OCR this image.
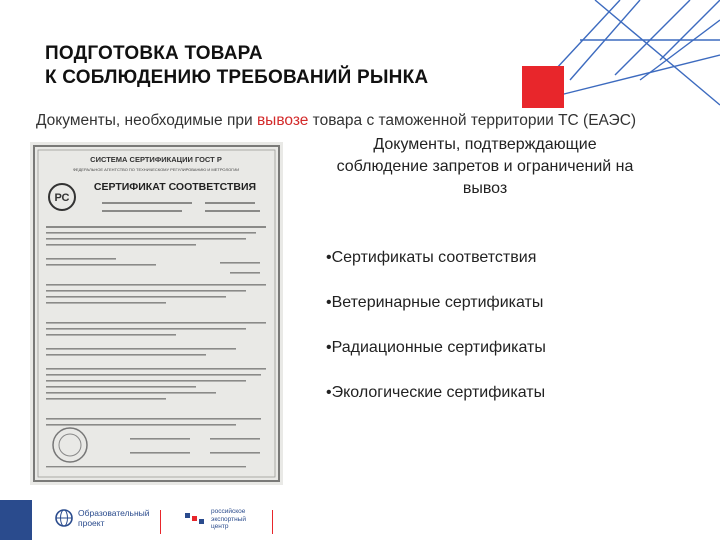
ПОДГОТОВКА ТОВАРА
К СОБЛЮДЕНИЮ ТРЕБОВАНИЙ РЫНКА
Документы, необходимые при вывозе товара с таможенной территории ТС (ЕАЭС)
СИСТЕМА СЕРТИФИКАЦИИ ГОСТ Р
ФЕДЕРАЛЬНОЕ АГЕНТСТВО ПО ТЕХНИЧЕСКОМУ РЕГУЛИРОВАНИЮ И МЕТРОЛОГИИ
РС
СЕРТИФИКАТ СООТВЕТСТВИЯ
Документы, подтверждающие
соблюдение запретов и ограничений на
вывоз
•Сертификаты соответствия
•Ветеринарные сертификаты
•Радиационные сертификаты
•Экологические сертификаты
Образовательный
проект
российское
экспортный
центр
